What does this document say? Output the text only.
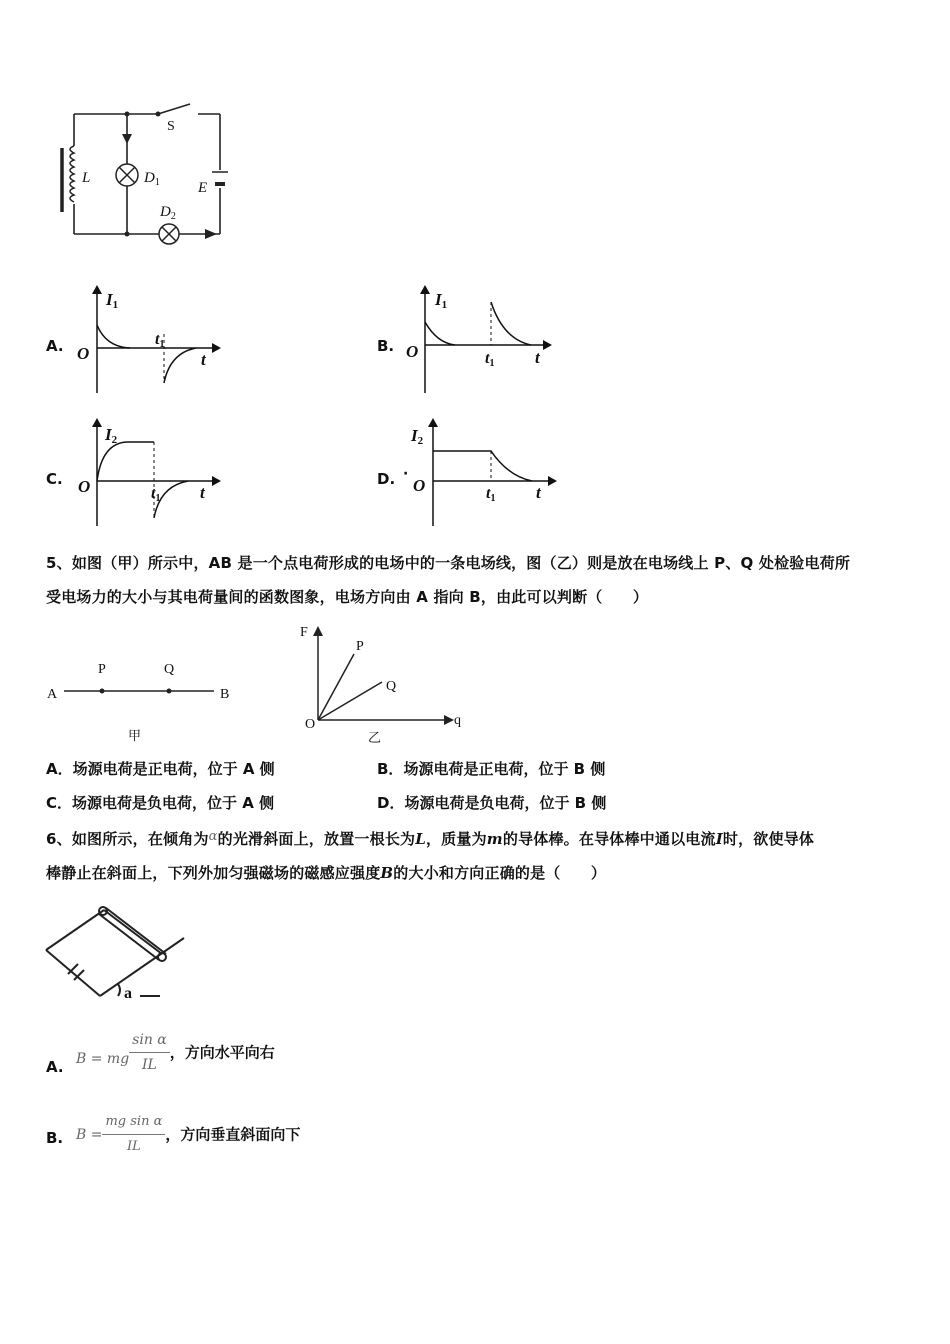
S
L	$D_1$
$D_2$
E
A.
I1
O
t1
t
B.
I1
O	t1 t
C.
I2
O	t1 t
D. ·
I2
O	t1 t
5、如图（甲）所示中，AB 是一个点电荷形成的电场中的一条电场线，图（乙）则是放在电场线上 P、Q 处检验电荷所
受电场力的大小与其电荷量间的函数图象，电场方向由 A 指向 B，由此可以判断（　　）
A
P	Q
B
甲
F
P
Q
O	q
乙
A．场源电荷是正电荷，位于 A 侧	B．场源电荷是正电荷，位于 B 侧
C．场源电荷是负电荷，位于 A 侧	D．场源电荷是负电荷，位于 B 侧
6、如图所示，在倾角为α的光滑斜面上，放置一根长为L，质量为m的导体棒。在导体棒中通以电流I时，欲使导体
棒静止在斜面上，下列外加匀强磁场的磁感应强度B的大小和方向正确的是（　　）
a
A. B = mg $\frac{\text{sin α}}{IL}$ ，方向水平向右
B. $B = \frac{\text{mg sin α}}{IL}$ ，方向垂直斜面向下
